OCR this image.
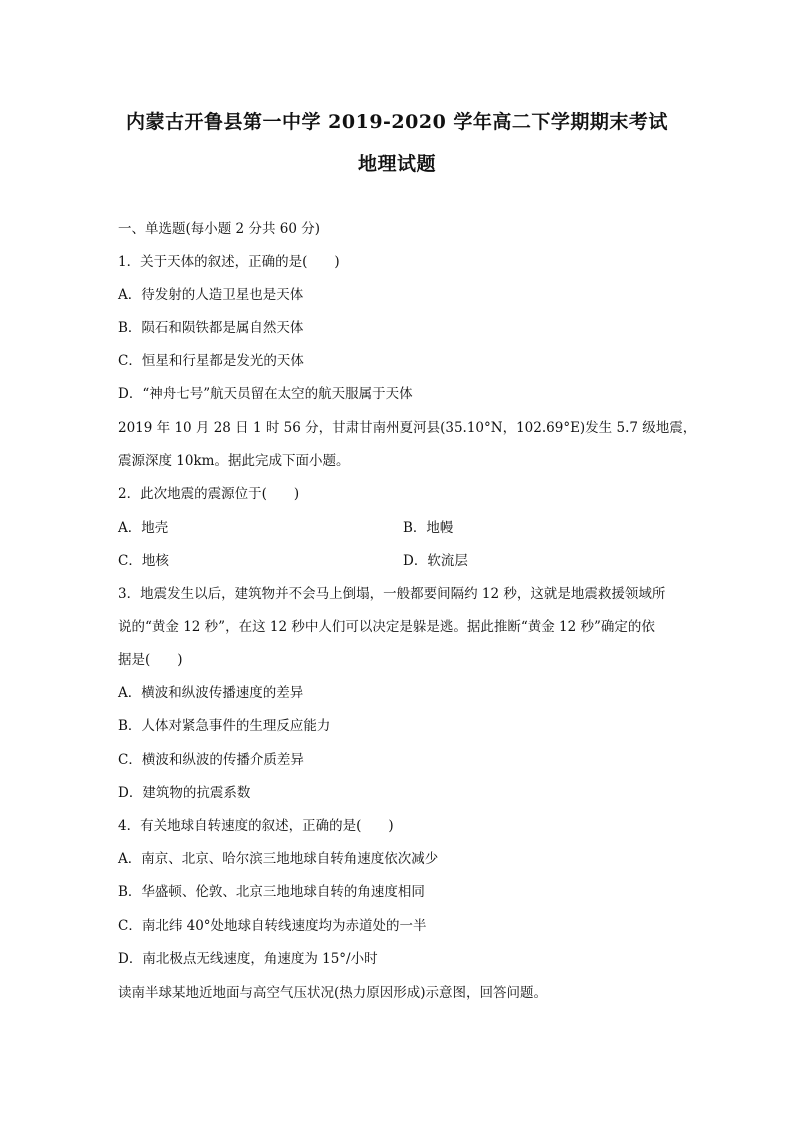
内蒙古开鲁县第一中学 2019-2020 学年高二下学期期末考试
地理试题
一、单选题(每小题 2 分共 60 分)
1．关于天体的叙述，正确的是(　　)
A．待发射的人造卫星也是天体
B．陨石和陨铁都是属自然天体
C．恒星和行星都是发光的天体
D．“神舟七号”航天员留在太空的航天服属于天体
2019 年 10 月 28 日 1 时 56 分，甘肃甘南州夏河县(35.10°N，102.69°E)发生 5.7 级地震，
震源深度 10km。据此完成下面小题。
2．此次地震的震源位于(　　)
A．地壳	B．地幔
C．地核	D．软流层
3．地震发生以后，建筑物并不会马上倒塌，一般都要间隔约 12 秒，这就是地震救援领域所
说的“黄金 12 秒”，在这 12 秒中人们可以决定是躲是逃。据此推断“黄金 12 秒”确定的依
据是(　　)
A．横波和纵波传播速度的差异
B．人体对紧急事件的生理反应能力
C．横波和纵波的传播介质差异
D．建筑物的抗震系数
4．有关地球自转速度的叙述，正确的是(　　)
A．南京、北京、哈尔滨三地地球自转角速度依次减少
B．华盛顿、伦敦、北京三地地球自转的角速度相同
C．南北纬 40°处地球自转线速度均为赤道处的一半
D．南北极点无线速度，角速度为 15°/小时
读南半球某地近地面与高空气压状况(热力原因形成)示意图，回答问题。
